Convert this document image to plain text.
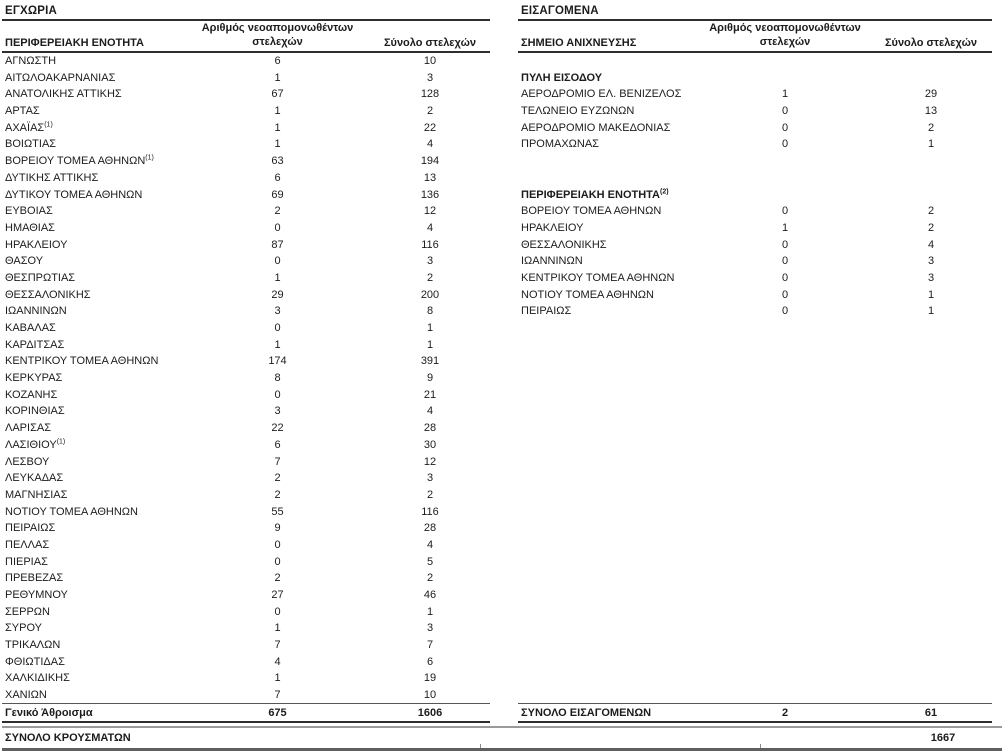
ΕΓΧΩΡΙΑ
ΠΕΡΙΦΕΡΕΙΑΚΗ ΕΝΟΤΗΤΑ
Αριθμός νεοαπομονωθέντων
στελεχών	Σύνολο στελεχών
ΑΓΝΩΣΤΗ	6	10
ΑΙΤΩΛΟΑΚΑΡΝΑΝΙΑΣ	1	3
ΑΝΑΤΟΛΙΚΗΣ ΑΤΤΙΚΗΣ	67	128
ΑΡΤΑΣ	1	2
ΑΧΑΪΑΣ$^{(1)}$	1	22
ΒΟΙΩΤΙΑΣ	1	4
ΒΟΡΕΙΟΥ ΤΟΜΕΑ ΑΘΗΝΩΝ$^{(1)}$	63	194
ΔΥΤΙΚΗΣ ΑΤΤΙΚΗΣ	6	13
ΔΥΤΙΚΟΥ ΤΟΜΕΑ ΑΘΗΝΩΝ	69	136
ΕΥΒΟΙΑΣ	2	12
ΗΜΑΘΙΑΣ	0	4
ΗΡΑΚΛΕΙΟΥ	87	116
ΘΑΣΟΥ	0	3
ΘΕΣΠΡΩΤΙΑΣ	1	2
ΘΕΣΣΑΛΟΝΙΚΗΣ	29	200
ΙΩΑΝΝΙΝΩΝ	3	8
ΚΑΒΑΛΑΣ	0	1
ΚΑΡΔΙΤΣΑΣ	1	1
ΚΕΝΤΡΙΚΟΥ ΤΟΜΕΑ ΑΘΗΝΩΝ	174	391
ΚΕΡΚΥΡΑΣ	8	9
ΚΟΖΑΝΗΣ	0	21
ΚΟΡΙΝΘΙΑΣ	3	4
ΛΑΡΙΣΑΣ	22	28
ΛΑΣΙΘΙΟΥ$^{(1)}$	6	30
ΛΕΣΒΟΥ	7	12
ΛΕΥΚΑΔΑΣ	2	3
ΜΑΓΝΗΣΙΑΣ	2	2
ΝΟΤΙΟΥ ΤΟΜΕΑ ΑΘΗΝΩΝ	55	116
ΠΕΙΡΑΙΩΣ	9	28
ΠΕΛΛΑΣ	0	4
ΠΙΕΡΙΑΣ	0	5
ΠΡΕΒΕΖΑΣ	2	2
ΡΕΘΥΜΝΟΥ	27	46
ΣΕΡΡΩΝ	0	1
ΣΥΡΟΥ	1	3
ΤΡΙΚΑΛΩΝ	7	7
ΦΘΙΩΤΙΔΑΣ	4	6
ΧΑΛΚΙΔΙΚΗΣ	1	19
ΧΑΝΙΩΝ	7	10
Γενικό Άθροισμα	675	1606
ΕΙΣΑΓΟΜΕΝΑ
ΣΗΜΕΙΟ ΑΝΙΧΝΕΥΣΗΣ
Αριθμός νεοαπομονωθέντων
στελεχών	Σύνολο στελεχών
ΠΥΛΗ ΕΙΣΟΔΟΥ
ΑΕΡΟΔΡΟΜΙΟ ΕΛ. ΒΕΝΙΖΕΛΟΣ	1	29
ΤΕΛΩΝΕΙΟ ΕΥΖΩΝΩΝ	0	13
ΑΕΡΟΔΡΟΜΙΟ ΜΑΚΕΔΟΝΙΑΣ	0	2
ΠΡΟΜΑΧΩΝΑΣ	0	1
ΠΕΡΙΦΕΡΕΙΑΚΗ ΕΝΟΤΗΤΑ$^{(2)}$
ΒΟΡΕΙΟΥ ΤΟΜΕΑ ΑΘΗΝΩΝ	0	2
ΗΡΑΚΛΕΙΟΥ	1	2
ΘΕΣΣΑΛΟΝΙΚΗΣ	0	4
ΙΩΑΝΝΙΝΩΝ	0	3
ΚΕΝΤΡΙΚΟΥ ΤΟΜΕΑ ΑΘΗΝΩΝ	0	3
ΝΟΤΙΟΥ ΤΟΜΕΑ ΑΘΗΝΩΝ	0	1
ΠΕΙΡΑΙΩΣ	0	1
ΣΥΝΟΛΟ ΕΙΣΑΓΟΜΕΝΩΝ	2	61
ΣΥΝΟΛΟ ΚΡΟΥΣΜΑΤΩΝ	1667
